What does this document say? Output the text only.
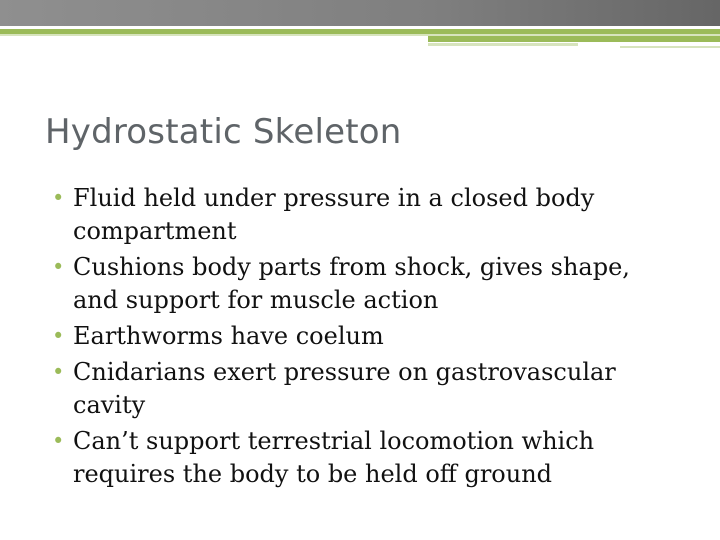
Hydrostatic Skeleton
• Fluid held under pressure in a closed body compartment
• Cushions body parts from shock, gives shape, and support for muscle action
• Earthworms have coelum
• Cnidarians exert pressure on gastrovascular cavity
• Can’t support terrestrial locomotion which requires the body to be held off ground
